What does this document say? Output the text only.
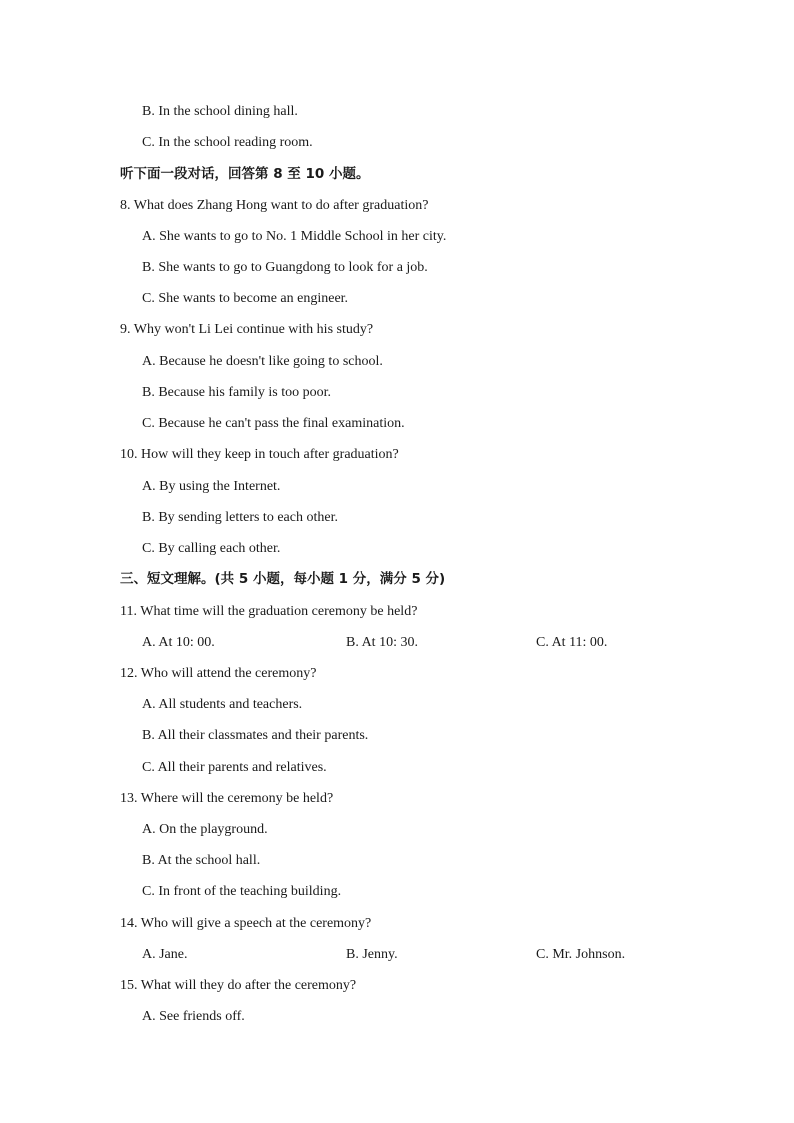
B. In the school dining hall.
C. In the school reading room.
听下面一段对话，回答第 8 至 10 小题。
8. What does Zhang Hong want to do after graduation?
A. She wants to go to No. 1 Middle School in her city.
B. She wants to go to Guangdong to look for a job.
C. She wants to become an engineer.
9. Why won't Li Lei continue with his study?
A. Because he doesn't like going to school.
B. Because his family is too poor.
C. Because he can't pass the final examination.
10. How will they keep in touch after graduation?
A. By using the Internet.
B. By sending letters to each other.
C. By calling each other.
三、短文理解。(共 5 小题，每小题 1 分，满分 5 分)
11. What time will the graduation ceremony be held?
A. At 10: 00.	B. At 10: 30.	C. At 11: 00.
12. Who will attend the ceremony?
A. All students and teachers.
B. All their classmates and their parents.
C. All their parents and relatives.
13. Where will the ceremony be held?
A. On the playground.
B. At the school hall.
C. In front of the teaching building.
14. Who will give a speech at the ceremony?
A. Jane.	B. Jenny.	C. Mr. Johnson.
15. What will they do after the ceremony?
A. See friends off.
